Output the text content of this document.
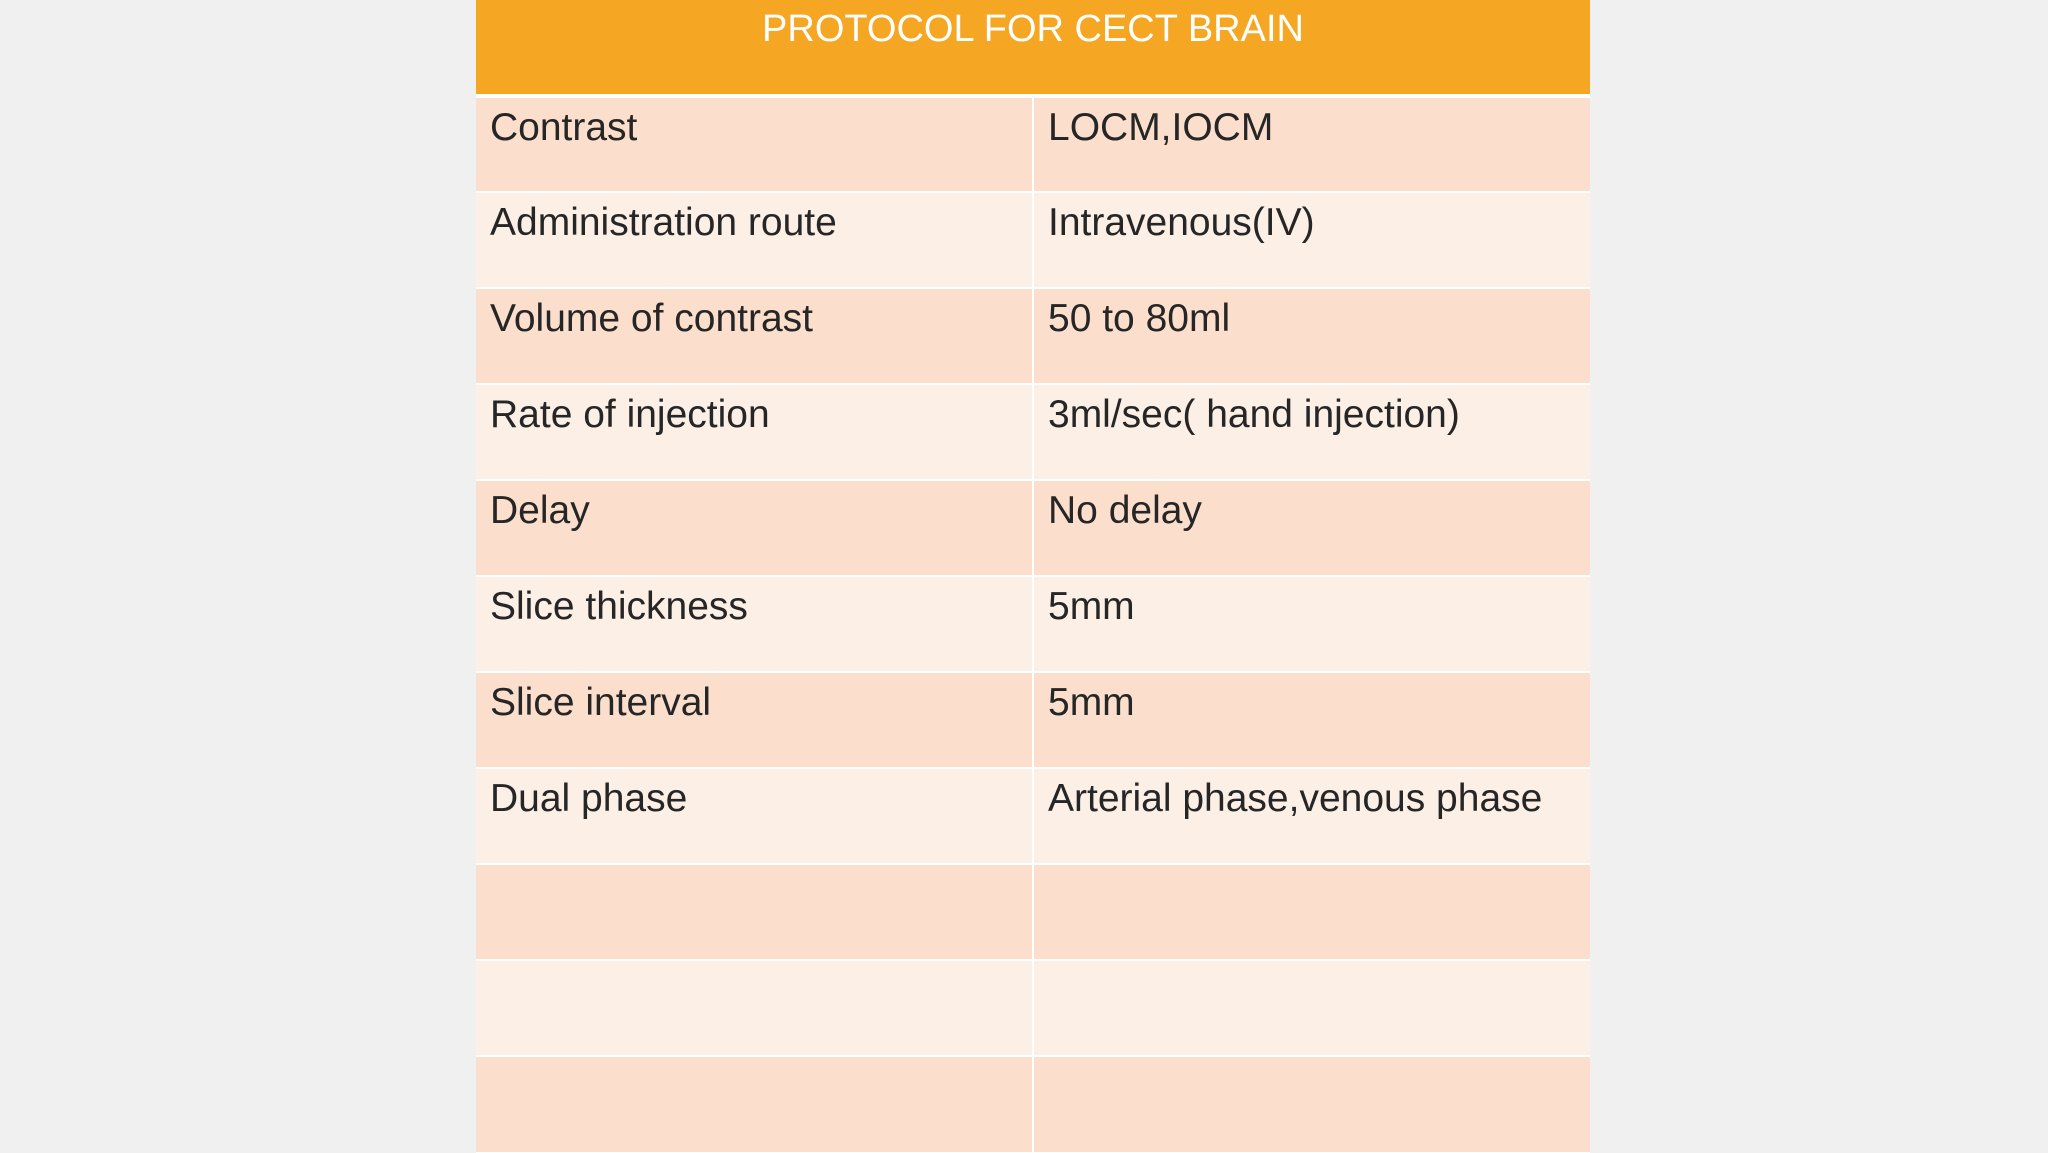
PROTOCOL FOR CECT BRAIN	
Contrast	LOCM,IOCM
Administration route	Intravenous(IV)
Volume of contrast	50 to 80ml
Rate of injection	3ml/sec( hand injection)
Delay	No delay
Slice thickness	5mm
Slice interval	5mm
Dual phase	Arterial phase,venous phase
